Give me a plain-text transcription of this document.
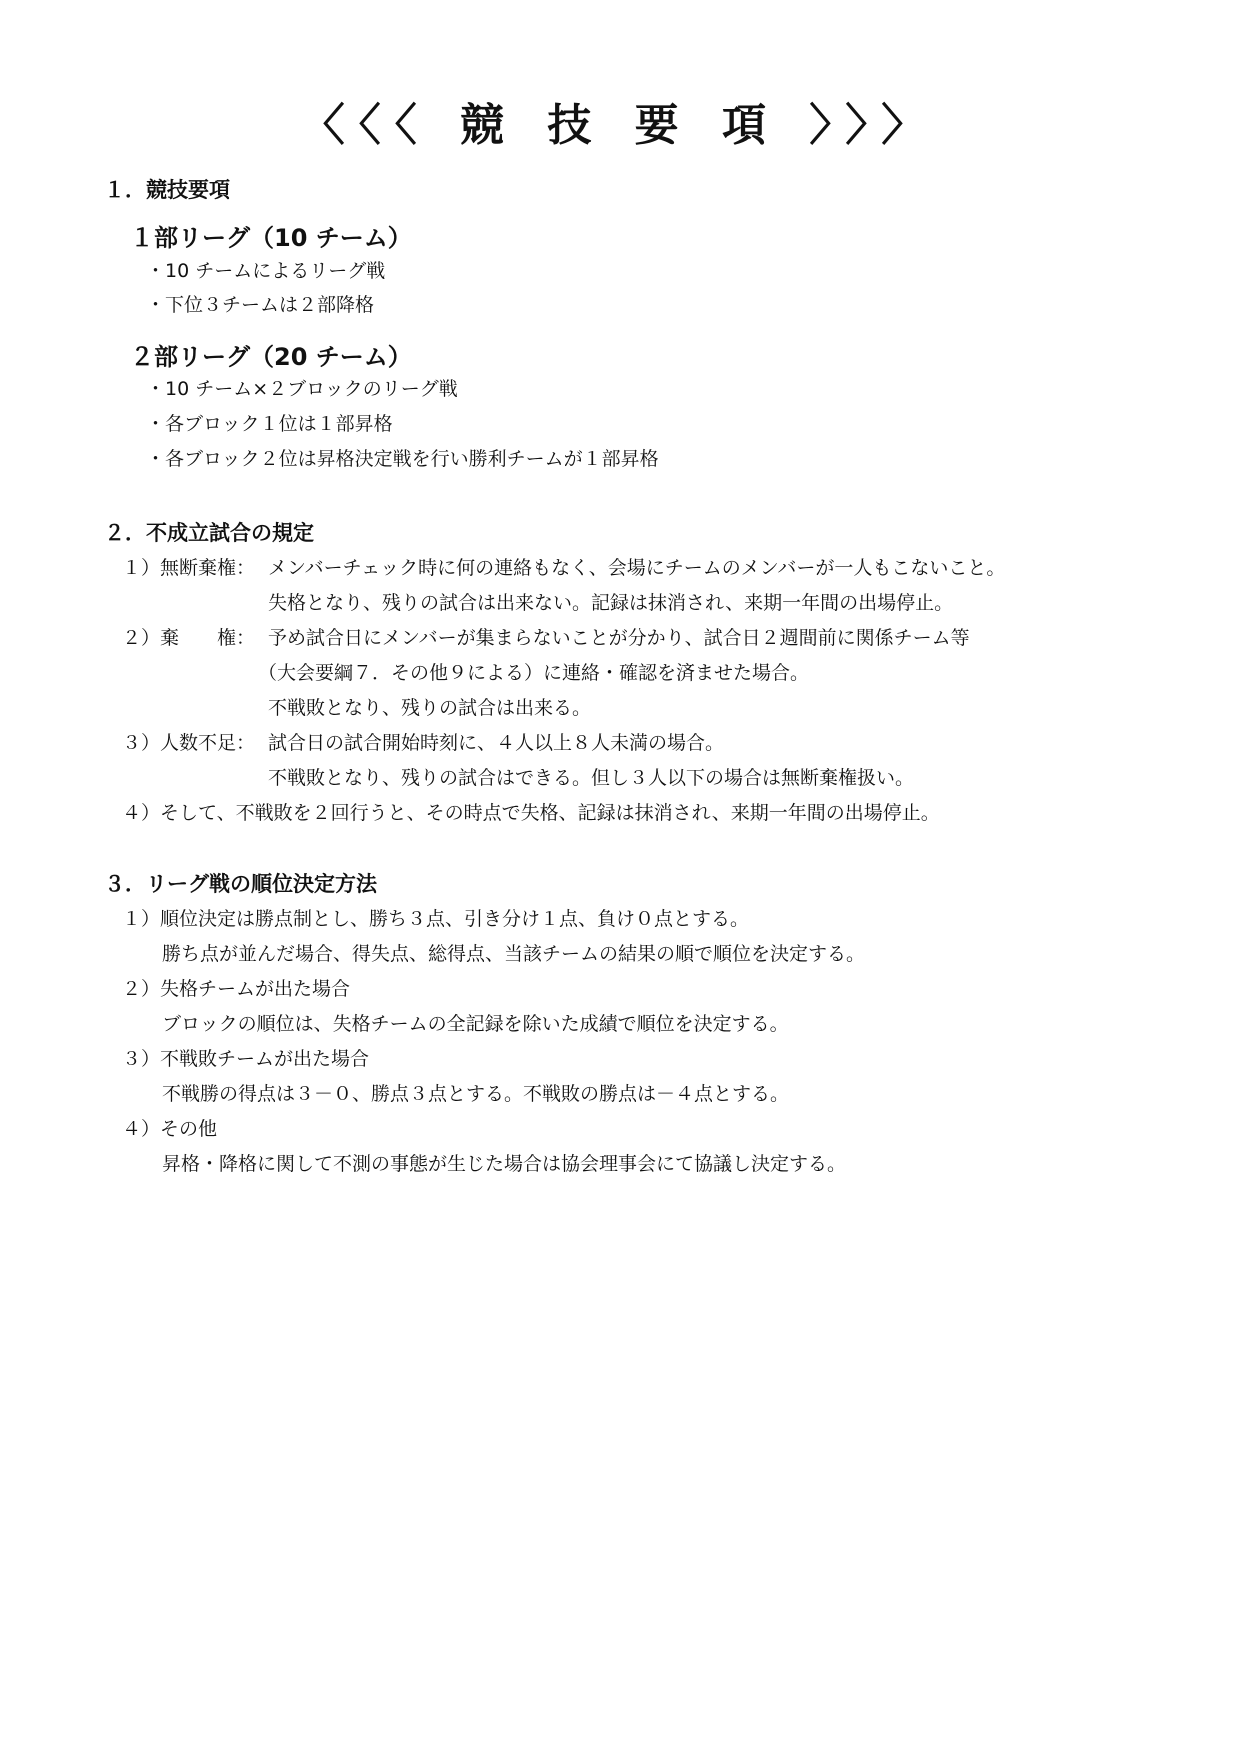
〈〈〈 競 技 要 項 〉〉〉
１．競技要項
１部リーグ（10 チーム）
・10 チームによるリーグ戦
・下位３チームは２部降格
２部リーグ（20 チーム）
・10 チーム×２ブロックのリーグ戦
・各ブロック１位は１部昇格
・各ブロック２位は昇格決定戦を行い勝利チームが１部昇格
２．不成立試合の規定
１）無断棄権： メンバーチェック時に何の連絡もなく、会場にチームのメンバーが一人もこないこと。
失格となり、残りの試合は出来ない。記録は抹消され、来期一年間の出場停止。
２）棄　　権： 予め試合日にメンバーが集まらないことが分かり、試合日２週間前に関係チーム等
（大会要綱７．その他９による）に連絡・確認を済ませた場合。
不戦敗となり、残りの試合は出来る。
３）人数不足： 試合日の試合開始時刻に、４人以上８人未満の場合。
不戦敗となり、残りの試合はできる。但し３人以下の場合は無断棄権扱い。
４）そして、不戦敗を２回行うと、その時点で失格、記録は抹消され、来期一年間の出場停止。
３．リーグ戦の順位決定方法
１）順位決定は勝点制とし、勝ち３点、引き分け１点、負け０点とする。
勝ち点が並んだ場合、得失点、総得点、当該チームの結果の順で順位を決定する。
２）失格チームが出た場合
ブロックの順位は、失格チームの全記録を除いた成績で順位を決定する。
３）不戦敗チームが出た場合
不戦勝の得点は３－０、勝点３点とする。不戦敗の勝点は－４点とする。
４）その他
昇格・降格に関して不測の事態が生じた場合は協会理事会にて協議し決定する。
